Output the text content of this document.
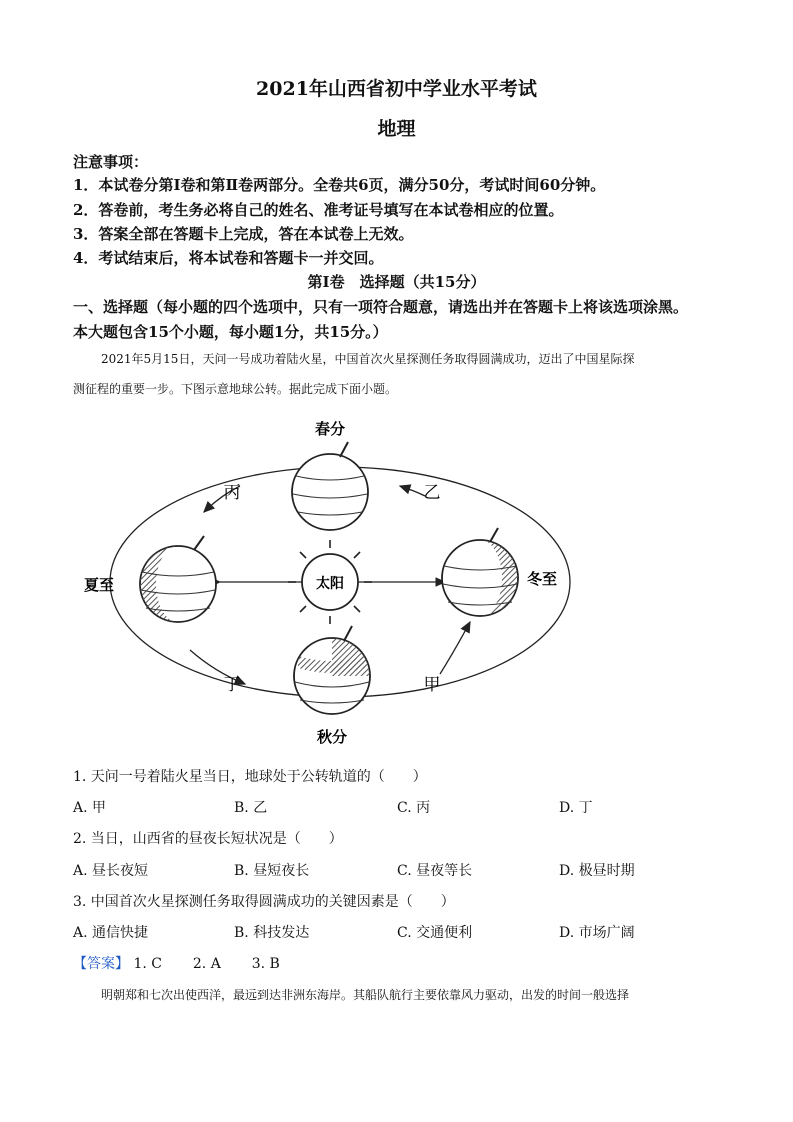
2021年山西省初中学业水平考试
地理
注意事项：
1．本试卷分第Ⅰ卷和第Ⅱ卷两部分。全卷共6页，满分50分，考试时间60分钟。
2．答卷前，考生务必将自己的姓名、准考证号填写在本试卷相应的位置。
3．答案全部在答题卡上完成，答在本试卷上无效。
4．考试结束后，将本试卷和答题卡一并交回。
第Ⅰ卷　选择题（共15分）
一、选择题（每小题的四个选项中，只有一项符合题意，请选出并在答题卡上将该选项涂黑。
本大题包含15个小题，每小题1分，共15分。）
2021年5月15日，天问一号成功着陆火星，中国首次火星探测任务取得圆满成功，迈出了中国星际探
测征程的重要一步。下图示意地球公转。据此完成下面小题。
太阳
春分
夏至	冬至
秋分
丙	乙
丁	甲
1. 天问一号着陆火星当日，地球处于公转轨道的（　　）
A. 甲	B. 乙	C. 丙	D. 丁
2. 当日，山西省的昼夜长短状况是（　　）
A. 昼长夜短	B. 昼短夜长	C. 昼夜等长	D. 极昼时期
3. 中国首次火星探测任务取得圆满成功的关键因素是（　　）
A. 通信快捷	B. 科技发达	C. 交通便利	D. 市场广阔
【答案】 1. C 2. A 3. B
明朝郑和七次出使西洋，最远到达非洲东海岸。其船队航行主要依靠风力驱动，出发的时间一般选择
